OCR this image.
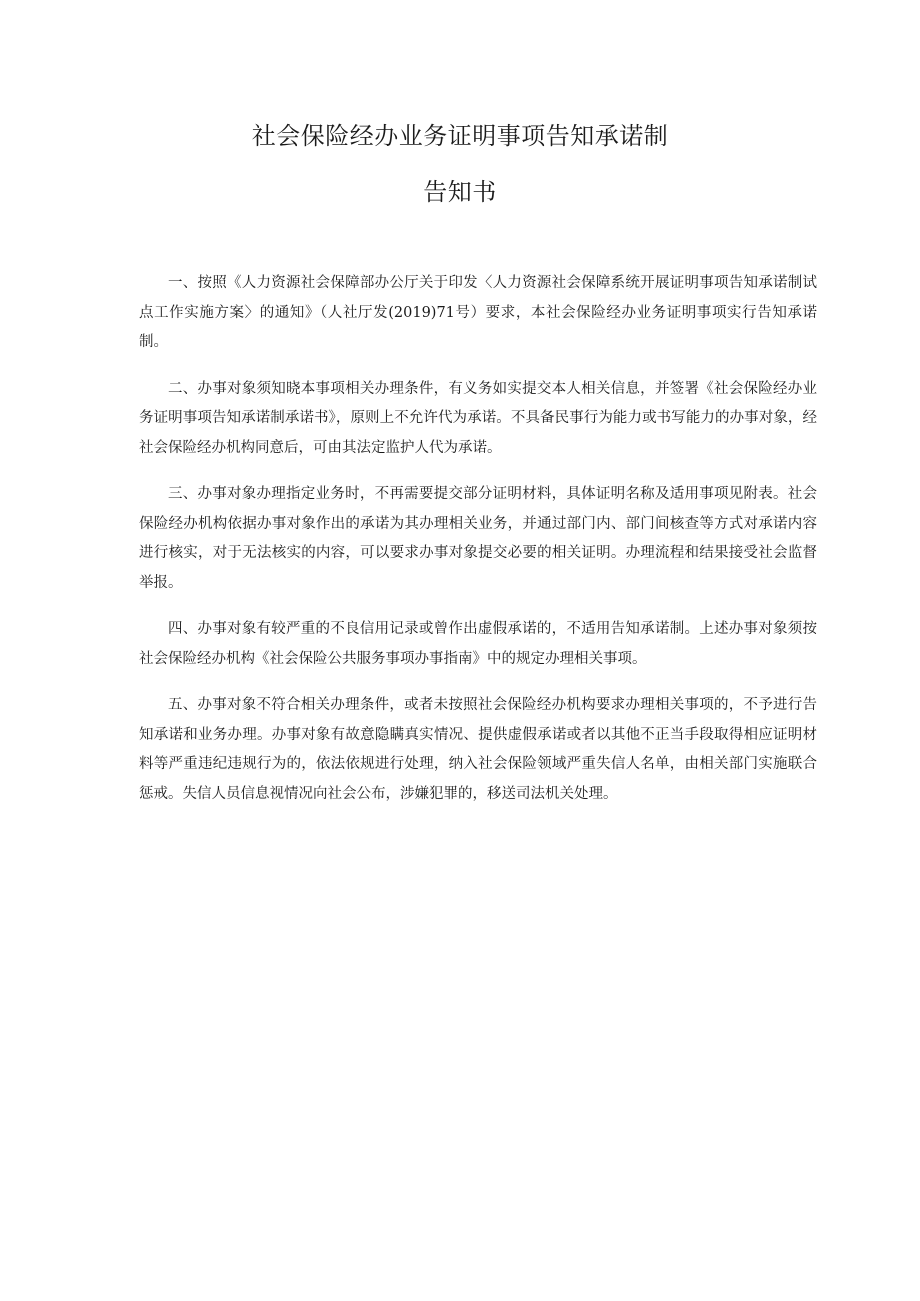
社会保险经办业务证明事项告知承诺制
告知书

一、按照《人力资源社会保障部办公厅关于印发〈人力资源社会保障系统开展证明事项告知承诺制试点工作实施方案〉的通知》（人社厅发(2019)71号）要求，本社会保险经办业务证明事项实行告知承诺制。

二、办事对象须知晓本事项相关办理条件，有义务如实提交本人相关信息，并签署《社会保险经办业务证明事项告知承诺制承诺书》，原则上不允许代为承诺。不具备民事行为能力或书写能力的办事对象，经社会保险经办机构同意后，可由其法定监护人代为承诺。

三、办事对象办理指定业务时，不再需要提交部分证明材料，具体证明名称及适用事项见附表。社会保险经办机构依据办事对象作出的承诺为其办理相关业务，并通过部门内、部门间核查等方式对承诺内容进行核实，对于无法核实的内容，可以要求办事对象提交必要的相关证明。办理流程和结果接受社会监督举报。

四、办事对象有较严重的不良信用记录或曾作出虚假承诺的，不适用告知承诺制。上述办事对象须按社会保险经办机构《社会保险公共服务事项办事指南》中的规定办理相关事项。

五、办事对象不符合相关办理条件，或者未按照社会保险经办机构要求办理相关事项的，不予进行告知承诺和业务办理。办事对象有故意隐瞒真实情况、提供虚假承诺或者以其他不正当手段取得相应证明材料等严重违纪违规行为的，依法依规进行处理，纳入社会保险领域严重失信人名单，由相关部门实施联合惩戒。失信人员信息视情况向社会公布，涉嫌犯罪的，移送司法机关处理。
